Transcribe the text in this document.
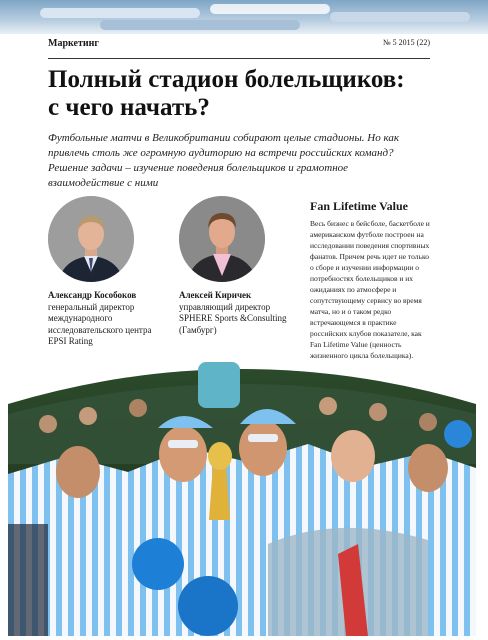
Маркетинг	№ 5 2015 (22)
Полный стадион болельщиков:
с чего начать?

Футбольные матчи в Великобритании собирают целые стадионы. Но как привлечь столь же огромную аудиторию на встречи российских команд? Решение задачи – изучение поведения болельщиков и грамотное взаимодействие с ними

Александр Кособоков
генеральный директор международного исследовательского центра EPSI Rating
Алексей Киричек
управляющий директор SPHERE Sports &Consulting (Гамбург)
Fan Lifetime Value

Весь бизнес в бейсболе, баскетболе и американском футболе построен на исследовании поведения спортивных фанатов. Причем речь идет не только о сборе и изучении информации о потребностях болельщиков и их ожиданиях по атмосфере и сопутствующему сервису во время матча, но и о таком редко встречающемся в практике российских клубов показателе, как Fan Lifetime Value (ценность жизненного цикла болельщика).
